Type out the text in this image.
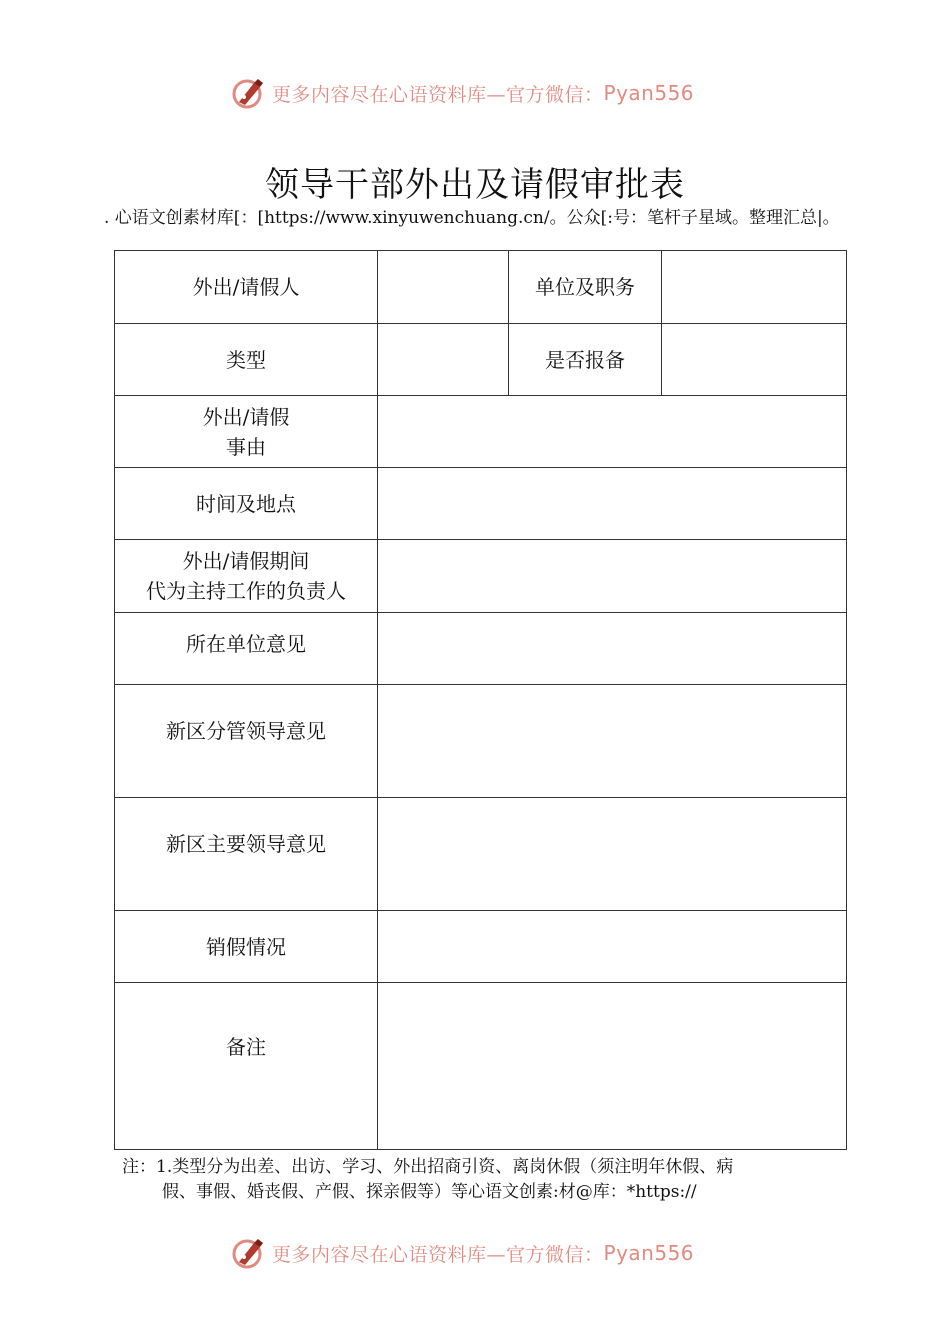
更多内容尽在心语资料库—官方微信： Pyan556
领导干部外出及请假审批表
. 心语文创素材库[：[https://www.xinyuwenchuang.cn/。公众[:号：笔杆子星域。整理汇总|。
外出/请假人		单位及职务	
类型		是否报备	

外出/请假
事由			

时间及地点			

外出/请假期间
代为主持工作的负责人			

所在单位意见			
新区分管领导意见			
新区主要领导意见			
销假情况			
备注			
注：1.类型分为出差、出访、学习、外出招商引资、离岗休假（须注明年休假、病
假、事假、婚丧假、产假、探亲假等）等心语文创素:材@库：*https://
更多内容尽在心语资料库—官方微信： Pyan556
